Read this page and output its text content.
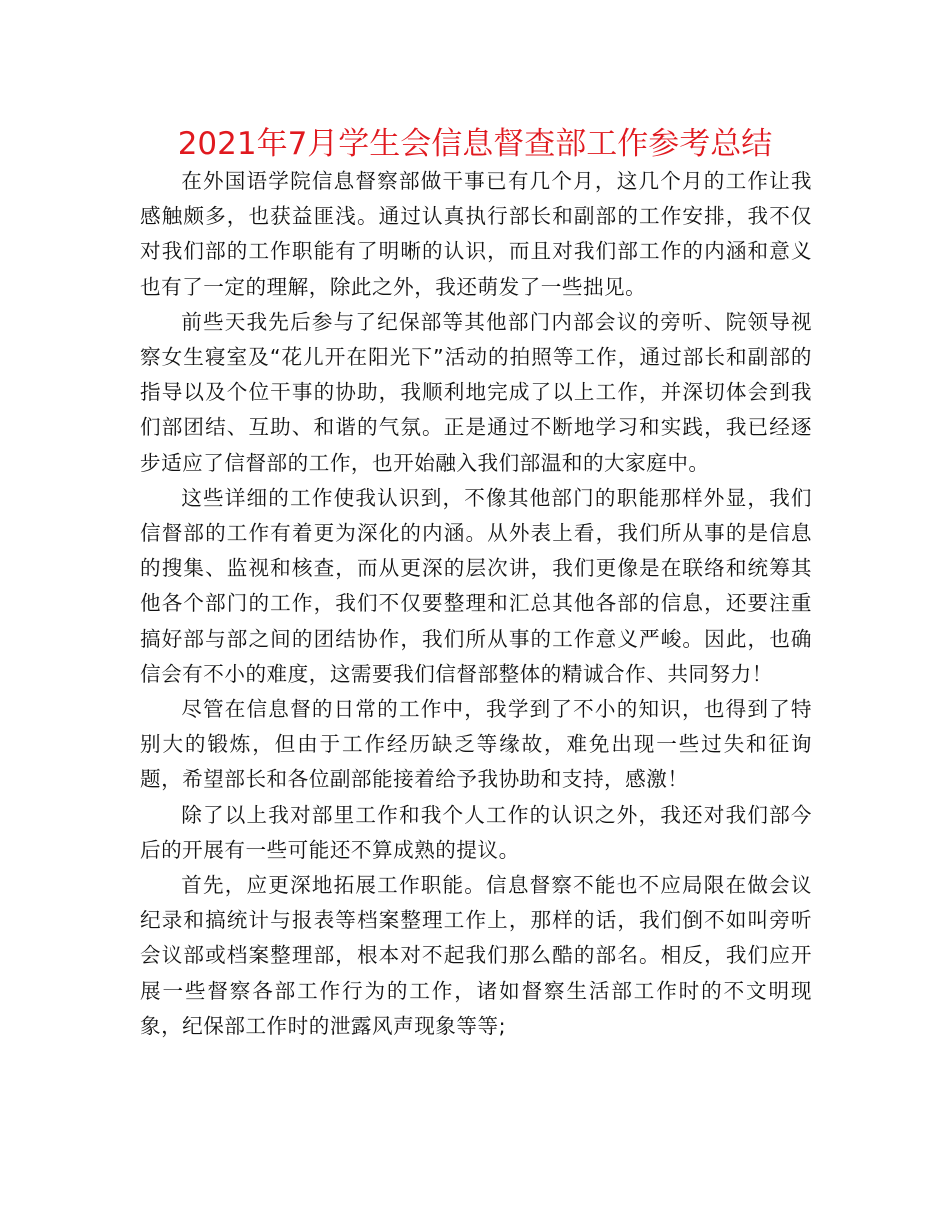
2021年7月学生会信息督查部工作参考总结

在外国语学院信息督察部做干事已有几个月，这几个月的工作让我感触颇多，也获益匪浅。通过认真执行部长和副部的工作安排，我不仅对我们部的工作职能有了明晰的认识，而且对我们部工作的内涵和意义也有了一定的理解，除此之外，我还萌发了一些拙见。

前些天我先后参与了纪保部等其他部门内部会议的旁听、院领导视察女生寝室及“花儿开在阳光下”活动的拍照等工作，通过部长和副部的指导以及个位干事的协助，我顺利地完成了以上工作，并深切体会到我们部团结、互助、和谐的气氛。正是通过不断地学习和实践，我已经逐步适应了信督部的工作，也开始融入我们部温和的大家庭中。

这些详细的工作使我认识到，不像其他部门的职能那样外显，我们信督部的工作有着更为深化的内涵。从外表上看，我们所从事的是信息的搜集、监视和核查，而从更深的层次讲，我们更像是在联络和统筹其他各个部门的工作，我们不仅要整理和汇总其他各部的信息，还要注重搞好部与部之间的团结协作，我们所从事的工作意义严峻。因此，也确信会有不小的难度，这需要我们信督部整体的精诚合作、共同努力！

尽管在信息督的日常的工作中，我学到了不小的知识，也得到了特别大的锻炼，但由于工作经历缺乏等缘故，难免出现一些过失和征询题，希望部长和各位副部能接着给予我协助和支持，感激！

除了以上我对部里工作和我个人工作的认识之外，我还对我们部今后的开展有一些可能还不算成熟的提议。

首先，应更深地拓展工作职能。信息督察不能也不应局限在做会议纪录和搞统计与报表等档案整理工作上，那样的话，我们倒不如叫旁听会议部或档案整理部，根本对不起我们那么酷的部名。相反，我们应开展一些督察各部工作行为的工作，诸如督察生活部工作时的不文明现象，纪保部工作时的泄露风声现象等等;
